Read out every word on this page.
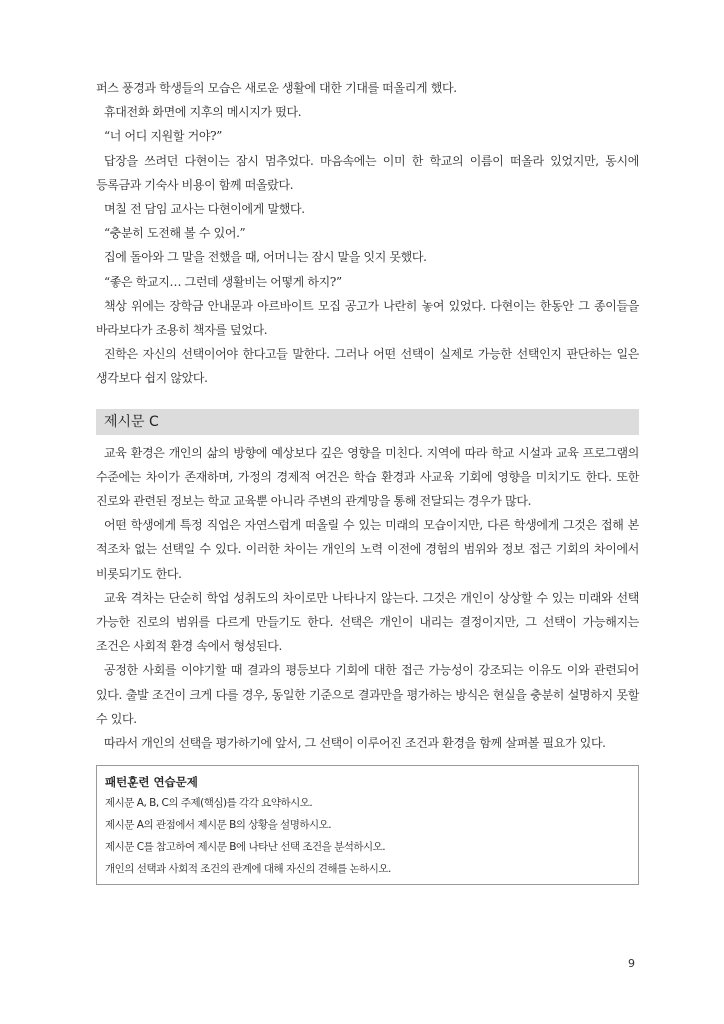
퍼스 풍경과 학생들의 모습은 새로운 생활에 대한 기대를 떠올리게 했다.

휴대전화 화면에 지후의 메시지가 떴다.

“너 어디 지원할 거야?”

답장을 쓰려던 다현이는 잠시 멈추었다. 마음속에는 이미 한 학교의 이름이 떠올라 있었지만, 동시에 등록금과 기숙사 비용이 함께 떠올랐다.

며칠 전 담임 교사는 다현이에게 말했다.

“충분히 도전해 볼 수 있어.”

집에 돌아와 그 말을 전했을 때, 어머니는 잠시 말을 잇지 못했다.

“좋은 학교지… 그런데 생활비는 어떻게 하지?”

책상 위에는 장학금 안내문과 아르바이트 모집 공고가 나란히 놓여 있었다. 다현이는 한동안 그 종이들을 바라보다가 조용히 책자를 덮었다.

진학은 자신의 선택이어야 한다고들 말한다. 그러나 어떤 선택이 실제로 가능한 선택인지 판단하는 일은 생각보다 쉽지 않았다.

제시문 C

교육 환경은 개인의 삶의 방향에 예상보다 깊은 영향을 미친다. 지역에 따라 학교 시설과 교육 프로그램의 수준에는 차이가 존재하며, 가정의 경제적 여건은 학습 환경과 사교육 기회에 영향을 미치기도 한다. 또한 진로와 관련된 정보는 학교 교육뿐 아니라 주변의 관계망을 통해 전달되는 경우가 많다.

어떤 학생에게 특정 직업은 자연스럽게 떠올릴 수 있는 미래의 모습이지만, 다른 학생에게 그것은 접해 본 적조차 없는 선택일 수 있다. 이러한 차이는 개인의 노력 이전에 경험의 범위와 정보 접근 기회의 차이에서 비롯되기도 한다.

교육 격차는 단순히 학업 성취도의 차이로만 나타나지 않는다. 그것은 개인이 상상할 수 있는 미래와 선택 가능한 진로의 범위를 다르게 만들기도 한다. 선택은 개인이 내리는 결정이지만, 그 선택이 가능해지는 조건은 사회적 환경 속에서 형성된다.

공정한 사회를 이야기할 때 결과의 평등보다 기회에 대한 접근 가능성이 강조되는 이유도 이와 관련되어 있다. 출발 조건이 크게 다를 경우, 동일한 기준으로 결과만을 평가하는 방식은 현실을 충분히 설명하지 못할 수 있다.

따라서 개인의 선택을 평가하기에 앞서, 그 선택이 이루어진 조건과 환경을 함께 살펴볼 필요가 있다.

패턴훈련 연습문제
제시문 A, B, C의 주제(핵심)를 각각 요약하시오.
제시문 A의 관점에서 제시문 B의 상황을 설명하시오.
제시문 C를 참고하여 제시문 B에 나타난 선택 조건을 분석하시오.
개인의 선택과 사회적 조건의 관계에 대해 자신의 견해를 논하시오.
9
